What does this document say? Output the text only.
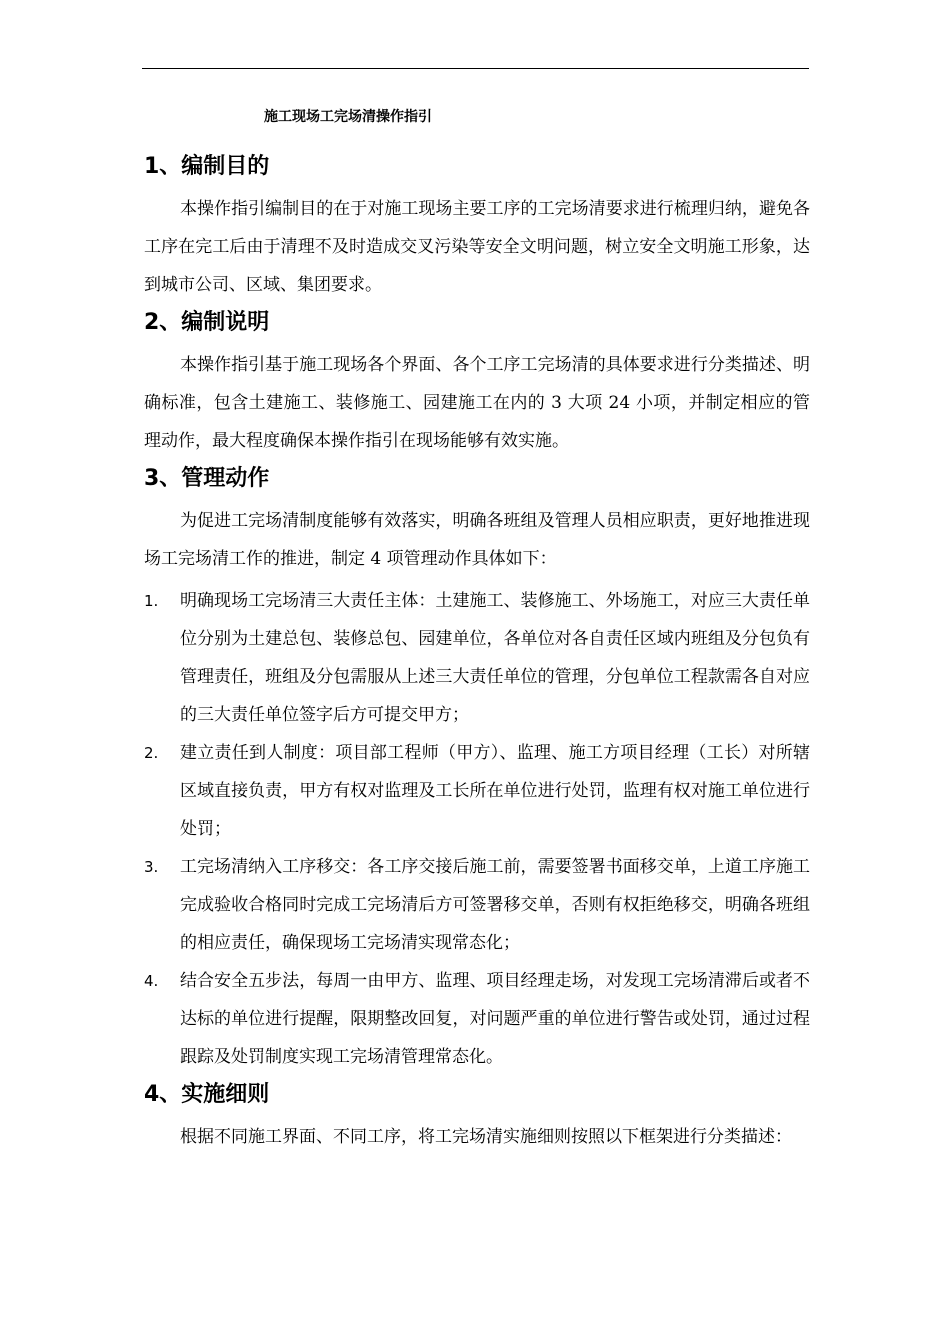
施工现场工完场清操作指引
1、编制目的

本操作指引编制目的在于对施工现场主要工序的工完场清要求进行梳理归纳，避免各工序在完工后由于清理不及时造成交叉污染等安全文明问题，树立安全文明施工形象，达到城市公司、区域、集团要求。

2、编制说明

本操作指引基于施工现场各个界面、各个工序工完场清的具体要求进行分类描述、明确标准，包含土建施工、装修施工、园建施工在内的 3 大项 24 小项，并制定相应的管理动作，最大程度确保本操作指引在现场能够有效实施。

3、管理动作

为促进工完场清制度能够有效落实，明确各班组及管理人员相应职责，更好地推进现场工完场清工作的推进，制定 4 项管理动作具体如下：

1. 明确现场工完场清三大责任主体：土建施工、装修施工、外场施工，对应三大责任单位分别为土建总包、装修总包、园建单位，各单位对各自责任区域内班组及分包负有管理责任，班组及分包需服从上述三大责任单位的管理，分包单位工程款需各自对应的三大责任单位签字后方可提交甲方；
2. 建立责任到人制度：项目部工程师（甲方）、监理、施工方项目经理（工长）对所辖区域直接负责，甲方有权对监理及工长所在单位进行处罚，监理有权对施工单位进行处罚；
3. 工完场清纳入工序移交：各工序交接后施工前，需要签署书面移交单，上道工序施工完成验收合格同时完成工完场清后方可签署移交单，否则有权拒绝移交，明确各班组的相应责任，确保现场工完场清实现常态化；
4. 结合安全五步法，每周一由甲方、监理、项目经理走场，对发现工完场清滞后或者不达标的单位进行提醒，限期整改回复，对问题严重的单位进行警告或处罚，通过过程跟踪及处罚制度实现工完场清管理常态化。
4、实施细则

根据不同施工界面、不同工序，将工完场清实施细则按照以下框架进行分类描述：
